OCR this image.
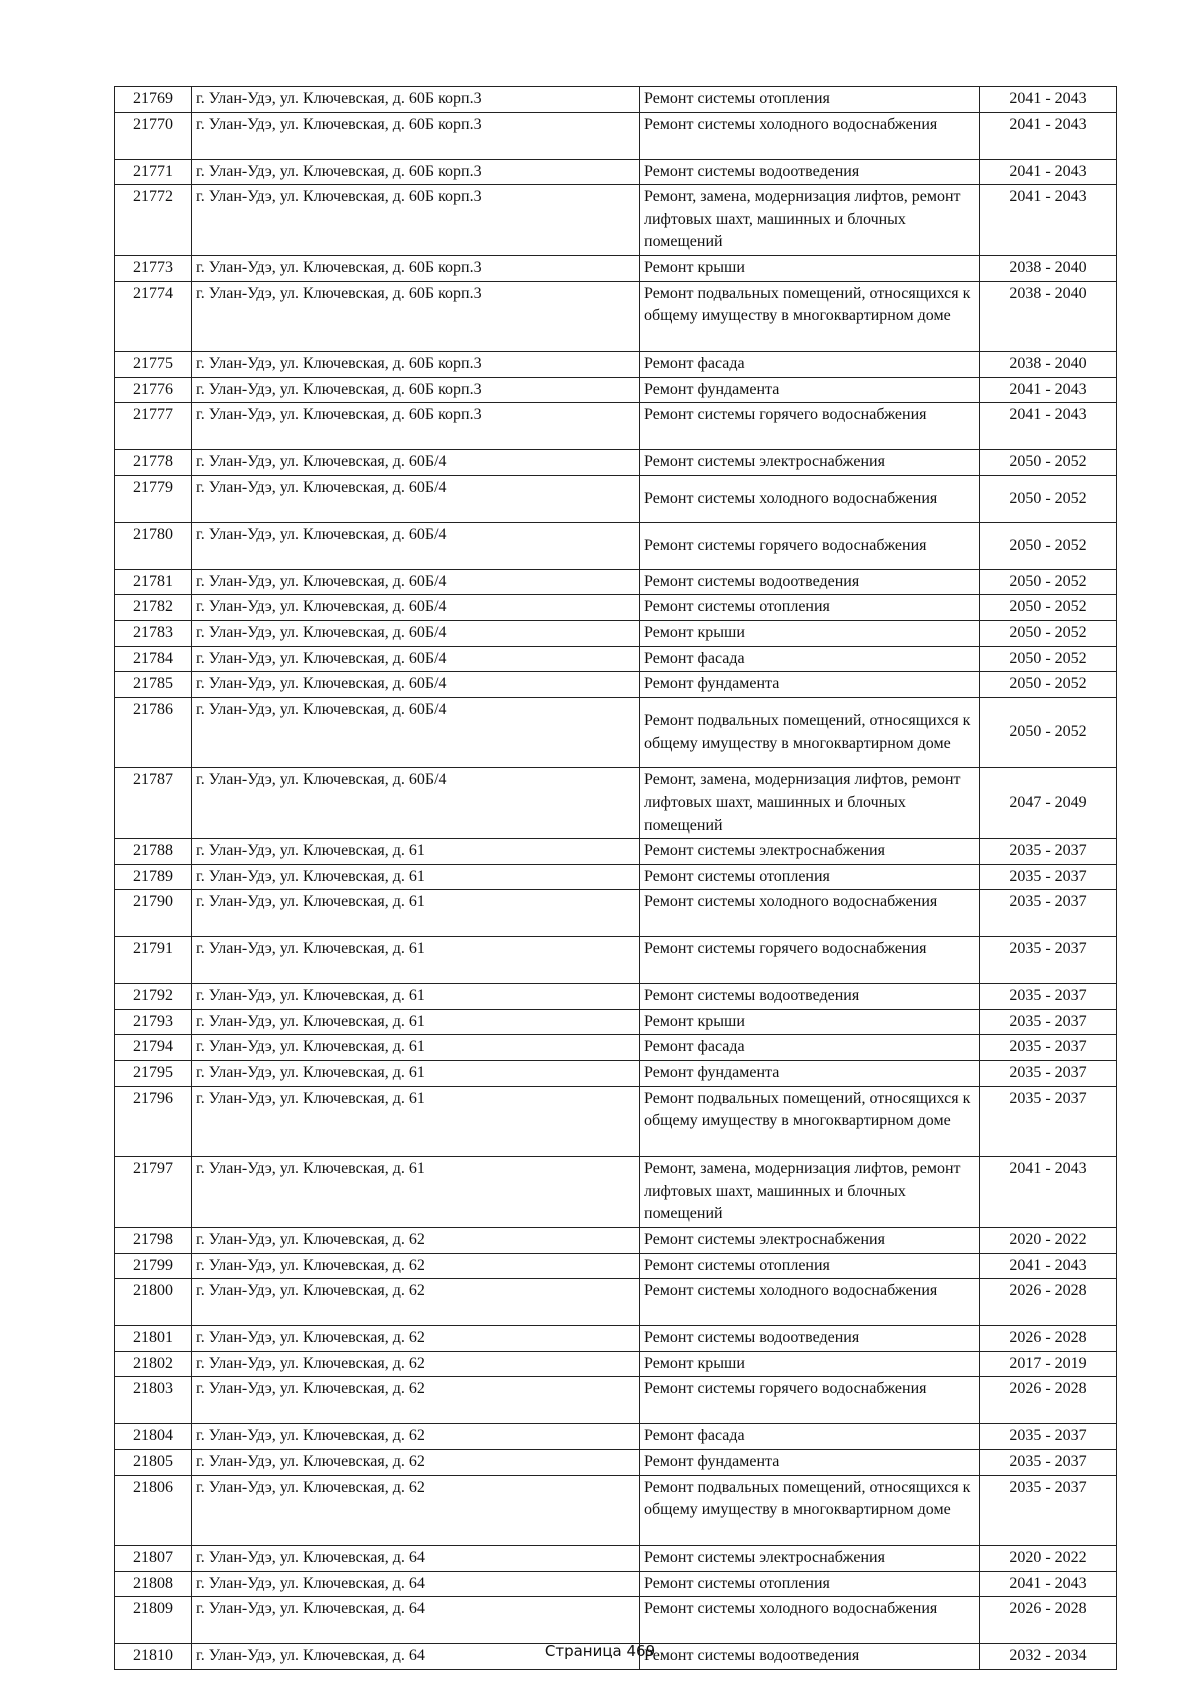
21769	г. Улан-Удэ, ул. Ключевская, д. 60Б корп.3	Ремонт системы отопления	2041 - 2043
21770	г. Улан-Удэ, ул. Ключевская, д. 60Б корп.3	Ремонт системы холодного водоснабжения	2041 - 2043
21771	г. Улан-Удэ, ул. Ключевская, д. 60Б корп.3	Ремонт системы водоотведения	2041 - 2043
21772	г. Улан-Удэ, ул. Ключевская, д. 60Б корп.3	Ремонт, замена, модернизация лифтов, ремонт лифтовых шахт, машинных и блочных помещений	2041 - 2043
21773	г. Улан-Удэ, ул. Ключевская, д. 60Б корп.3	Ремонт крыши	2038 - 2040
21774	г. Улан-Удэ, ул. Ключевская, д. 60Б корп.3	Ремонт подвальных помещений, относящихся к общему имуществу в многоквартирном доме	2038 - 2040
21775	г. Улан-Удэ, ул. Ключевская, д. 60Б корп.3	Ремонт фасада	2038 - 2040
21776	г. Улан-Удэ, ул. Ключевская, д. 60Б корп.3	Ремонт фундамента	2041 - 2043
21777	г. Улан-Удэ, ул. Ключевская, д. 60Б корп.3	Ремонт системы горячего водоснабжения	2041 - 2043
21778	г. Улан-Удэ, ул. Ключевская, д. 60Б/4	Ремонт системы электроснабжения	2050 - 2052
21779	г. Улан-Удэ, ул. Ключевская, д. 60Б/4	Ремонт системы холодного водоснабжения	2050 - 2052
21780	г. Улан-Удэ, ул. Ключевская, д. 60Б/4	Ремонт системы горячего водоснабжения	2050 - 2052
21781	г. Улан-Удэ, ул. Ключевская, д. 60Б/4	Ремонт системы водоотведения	2050 - 2052
21782	г. Улан-Удэ, ул. Ключевская, д. 60Б/4	Ремонт системы отопления	2050 - 2052
21783	г. Улан-Удэ, ул. Ключевская, д. 60Б/4	Ремонт крыши	2050 - 2052
21784	г. Улан-Удэ, ул. Ключевская, д. 60Б/4	Ремонт фасада	2050 - 2052
21785	г. Улан-Удэ, ул. Ключевская, д. 60Б/4	Ремонт фундамента	2050 - 2052
21786	г. Улан-Удэ, ул. Ключевская, д. 60Б/4	Ремонт подвальных помещений, относящихся к общему имуществу в многоквартирном доме	2050 - 2052
21787	г. Улан-Удэ, ул. Ключевская, д. 60Б/4	Ремонт, замена, модернизация лифтов, ремонт лифтовых шахт, машинных и блочных помещений	2047 - 2049
21788	г. Улан-Удэ, ул. Ключевская, д. 61	Ремонт системы электроснабжения	2035 - 2037
21789	г. Улан-Удэ, ул. Ключевская, д. 61	Ремонт системы отопления	2035 - 2037
21790	г. Улан-Удэ, ул. Ключевская, д. 61	Ремонт системы холодного водоснабжения	2035 - 2037
21791	г. Улан-Удэ, ул. Ключевская, д. 61	Ремонт системы горячего водоснабжения	2035 - 2037
21792	г. Улан-Удэ, ул. Ключевская, д. 61	Ремонт системы водоотведения	2035 - 2037
21793	г. Улан-Удэ, ул. Ключевская, д. 61	Ремонт крыши	2035 - 2037
21794	г. Улан-Удэ, ул. Ключевская, д. 61	Ремонт фасада	2035 - 2037
21795	г. Улан-Удэ, ул. Ключевская, д. 61	Ремонт фундамента	2035 - 2037
21796	г. Улан-Удэ, ул. Ключевская, д. 61	Ремонт подвальных помещений, относящихся к общему имуществу в многоквартирном доме	2035 - 2037
21797	г. Улан-Удэ, ул. Ключевская, д. 61	Ремонт, замена, модернизация лифтов, ремонт лифтовых шахт, машинных и блочных помещений	2041 - 2043
21798	г. Улан-Удэ, ул. Ключевская, д. 62	Ремонт системы электроснабжения	2020 - 2022
21799	г. Улан-Удэ, ул. Ключевская, д. 62	Ремонт системы отопления	2041 - 2043
21800	г. Улан-Удэ, ул. Ключевская, д. 62	Ремонт системы холодного водоснабжения	2026 - 2028
21801	г. Улан-Удэ, ул. Ключевская, д. 62	Ремонт системы водоотведения	2026 - 2028
21802	г. Улан-Удэ, ул. Ключевская, д. 62	Ремонт крыши	2017 - 2019
21803	г. Улан-Удэ, ул. Ключевская, д. 62	Ремонт системы горячего водоснабжения	2026 - 2028
21804	г. Улан-Удэ, ул. Ключевская, д. 62	Ремонт фасада	2035 - 2037
21805	г. Улан-Удэ, ул. Ключевская, д. 62	Ремонт фундамента	2035 - 2037
21806	г. Улан-Удэ, ул. Ключевская, д. 62	Ремонт подвальных помещений, относящихся к общему имуществу в многоквартирном доме	2035 - 2037
21807	г. Улан-Удэ, ул. Ключевская, д. 64	Ремонт системы электроснабжения	2020 - 2022
21808	г. Улан-Удэ, ул. Ключевская, д. 64	Ремонт системы отопления	2041 - 2043
21809	г. Улан-Удэ, ул. Ключевская, д. 64	Ремонт системы холодного водоснабжения	2026 - 2028
21810	г. Улан-Удэ, ул. Ключевская, д. 64	Ремонт системы водоотведения	2032 - 2034
Страница 469
